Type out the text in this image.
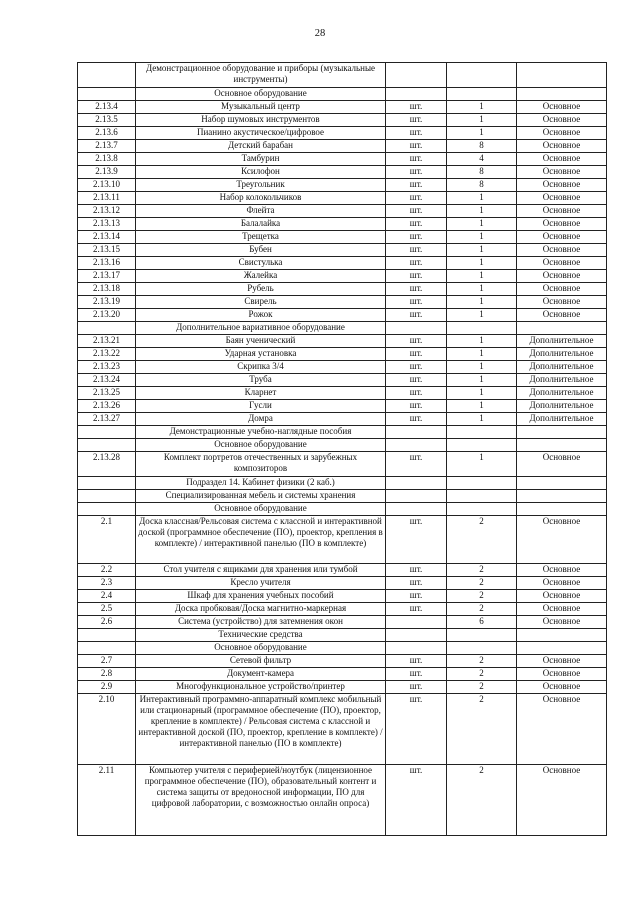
28
	Демонстрационное оборудование и приборы (музыкальные инструменты)			
	Основное оборудование			
2.13.4	Музыкальный центр	шт.	1	Основное
2.13.5	Набор шумовых инструментов	шт.	1	Основное
2.13.6	Пианино акустическое/цифровое	шт.	1	Основное
2.13.7	Детский барабан	шт.	8	Основное
2.13.8	Тамбурин	шт.	4	Основное
2.13.9	Ксилофон	шт.	8	Основное
2.13.10	Треугольник	шт.	8	Основное
2.13.11	Набор колокольчиков	шт.	1	Основное
2.13.12	Флейта	шт.	1	Основное
2.13.13	Балалайка	шт.	1	Основное
2.13.14	Трещетка	шт.	1	Основное
2.13.15	Бубен	шт.	1	Основное
2.13.16	Свистулька	шт.	1	Основное
2.13.17	Жалейка	шт.	1	Основное
2.13.18	Рубель	шт.	1	Основное
2.13.19	Свирель	шт.	1	Основное
2.13.20	Рожок	шт.	1	Основное
	Дополнительное вариативное оборудование			
2.13.21	Баян ученический	шт.	1	Дополнительное
2.13.22	Ударная установка	шт.	1	Дополнительное
2.13.23	Скрипка 3/4	шт.	1	Дополнительное
2.13.24	Труба	шт.	1	Дополнительное
2.13.25	Кларнет	шт.	1	Дополнительное
2.13.26	Гусли	шт.	1	Дополнительное
2.13.27	Домра	шт.	1	Дополнительное
	Демонстрационные учебно-наглядные пособия			
	Основное оборудование			
2.13.28	Комплект портретов отечественных и зарубежных композиторов	шт.	1	Основное
	Подраздел 14. Кабинет физики (2 каб.)			
	Специализированная мебель и системы хранения			
	Основное оборудование			
2.1	Доска классная/Рельсовая система с классной и интерактивной доской (программное обеспечение (ПО), проектор, крепления в комплекте) / интерактивной панелью (ПО в комплекте)	шт.	2	Основное
2.2	Стол учителя с ящиками для хранения или тумбой	шт.	2	Основное
2.3	Кресло учителя	шт.	2	Основное
2.4	Шкаф для хранения учебных пособий	шт.	2	Основное
2.5	Доска пробковая/Доска магнитно-маркерная	шт.	2	Основное
2.6	Система (устройство) для затемнения окон		6	Основное
	Технические средства			
	Основное оборудование			
2.7	Сетевой фильтр	шт.	2	Основное
2.8	Документ-камера	шт.	2	Основное
2.9	Многофункциональное устройство/принтер	шт.	2	Основное
2.10	Интерактивный программно-аппаратный комплекс мобильный или стационарный (программное обеспечение (ПО), проектор, крепление в комплекте) / Рельсовая система с классной и интерактивной доской (ПО, проектор, крепление в комплекте) / интерактивной панелью (ПО в комплекте)	шт.	2	Основное
2.11	Компьютер учителя с периферией/ноутбук (лицензионное программное обеспечение (ПО), образовательный контент и система защиты от вредоносной информации, ПО для цифровой лаборатории, с возможностью онлайн опроса)	шт.	2	Основное
